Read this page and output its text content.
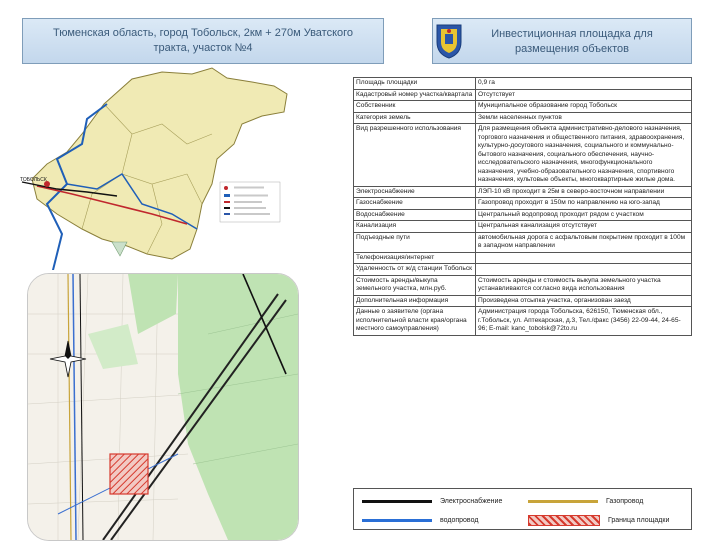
Тюменская область, город Тобольск, 2км + 270м Уватского
тракта, участок №4
Инвестиционная площадка для
размещения объектов
ТОБОЛЬСК
Площадь площадки	0,9 га
Кадастровый номер участка/квартала	Отсутствует
Собственник	Муниципальное образование город Тобольск
Категория земель	Земли населенных пунктов
Вид разрешенного использования	Для размещения объекта административно-делового назначения, торгового назначения и общественного питания, здравоохранения, культурно-досугового назначения, социального и коммунально-бытового назначения, социального обеспечения, научно-исследовательского назначения, многофункционального назначения, учебно-образовательного назначения, спортивного назначения, культовые объекты, многоквартирные жилые дома.
Электроснабжение	ЛЭП-10 кВ проходит в 25м в северо-восточном направлении
Газоснабжение	Газопровод проходит в 150м по направлению на юго-запад
Водоснабжение	Центральный водопровод проходит рядом с участком
Канализация	Центральная канализация отсутствует
Подъездные пути	автомобильная дорога с асфальтовым покрытием проходит в 100м в западном направлении
Телефонизация/интернет	
Удаленность от ж/д станции Тобольск	
Стоимость аренды/выкупа земельного участка, млн.руб.	Стоимость аренды и стоимость выкупа земельного участка устанавливаются согласно вида использования
Дополнительная информация	Произведена отсыпка участка, организован заезд
Данные о заявителе (органа исполнительной власти края/органа местного самоуправления)	Администрация города Тобольска, 626150, Тюменская обл., г.Тобольск, ул. Аптекарская, д.3, Тел./факс (3456) 22-09-44, 24-65-96; E-mail: kanc_tobolsk@72to.ru
Электроснабжение	Газопровод
водопровод	Граница площадки
